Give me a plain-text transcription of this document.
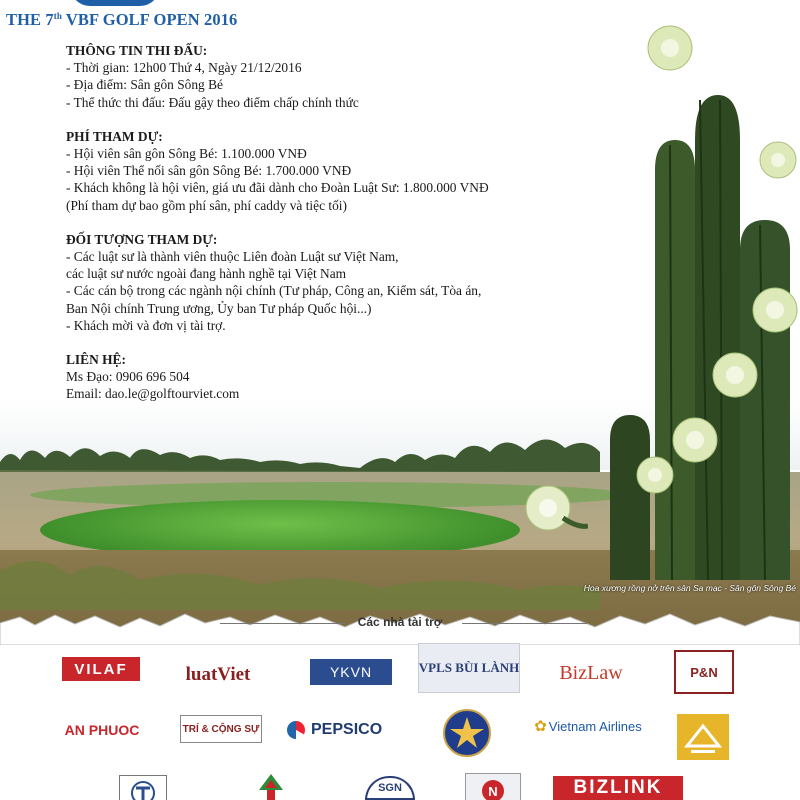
THE 7th VBF GOLF OPEN 2016
Hoa xương rồng nở trên sân Sa mạc - Sân gôn Sông Bé
Các nhà tài trợ
THÔNG TIN THI ĐẤU:
- Thời gian: 12h00 Thứ 4, Ngày 21/12/2016
- Địa điểm: Sân gôn Sông Bé
- Thể thức thi đấu: Đấu gậy theo điểm chấp chính thức
PHÍ THAM DỰ:
- Hội viên sân gôn Sông Bé: 1.100.000 VNĐ
- Hội viên Thể nối sân gôn Sông Bé: 1.700.000 VNĐ
- Khách không là hội viên, giá ưu đãi dành cho Đoàn Luật Sư: 1.800.000 VNĐ
(Phí tham dự bao gồm phí sân, phí caddy và tiệc tối)
ĐỐI TƯỢNG THAM DỰ:
- Các luật sư là thành viên thuộc Liên đoàn Luật sư Việt Nam,
các luật sư nước ngoài đang hành nghề tại Việt Nam
- Các cán bộ trong các ngành nội chính (Tư pháp, Công an, Kiểm sát, Tòa án,
Ban Nội chính Trung ương, Ủy ban Tư pháp Quốc hội...)
- Khách mời và đơn vị tài trợ.
LIÊN HỆ:
Ms Đạo: 0906 696 504
Email: dao.le@golftourviet.com
VILAF	luatViet	YKVN	VPLS BÙI LÀNH BizLaw	P&N
AN PHUOC	TRÍ & CỘNG SỰ	PEPSICO	✿ Vietnam Airlines
SGN	N	BIZLINK
